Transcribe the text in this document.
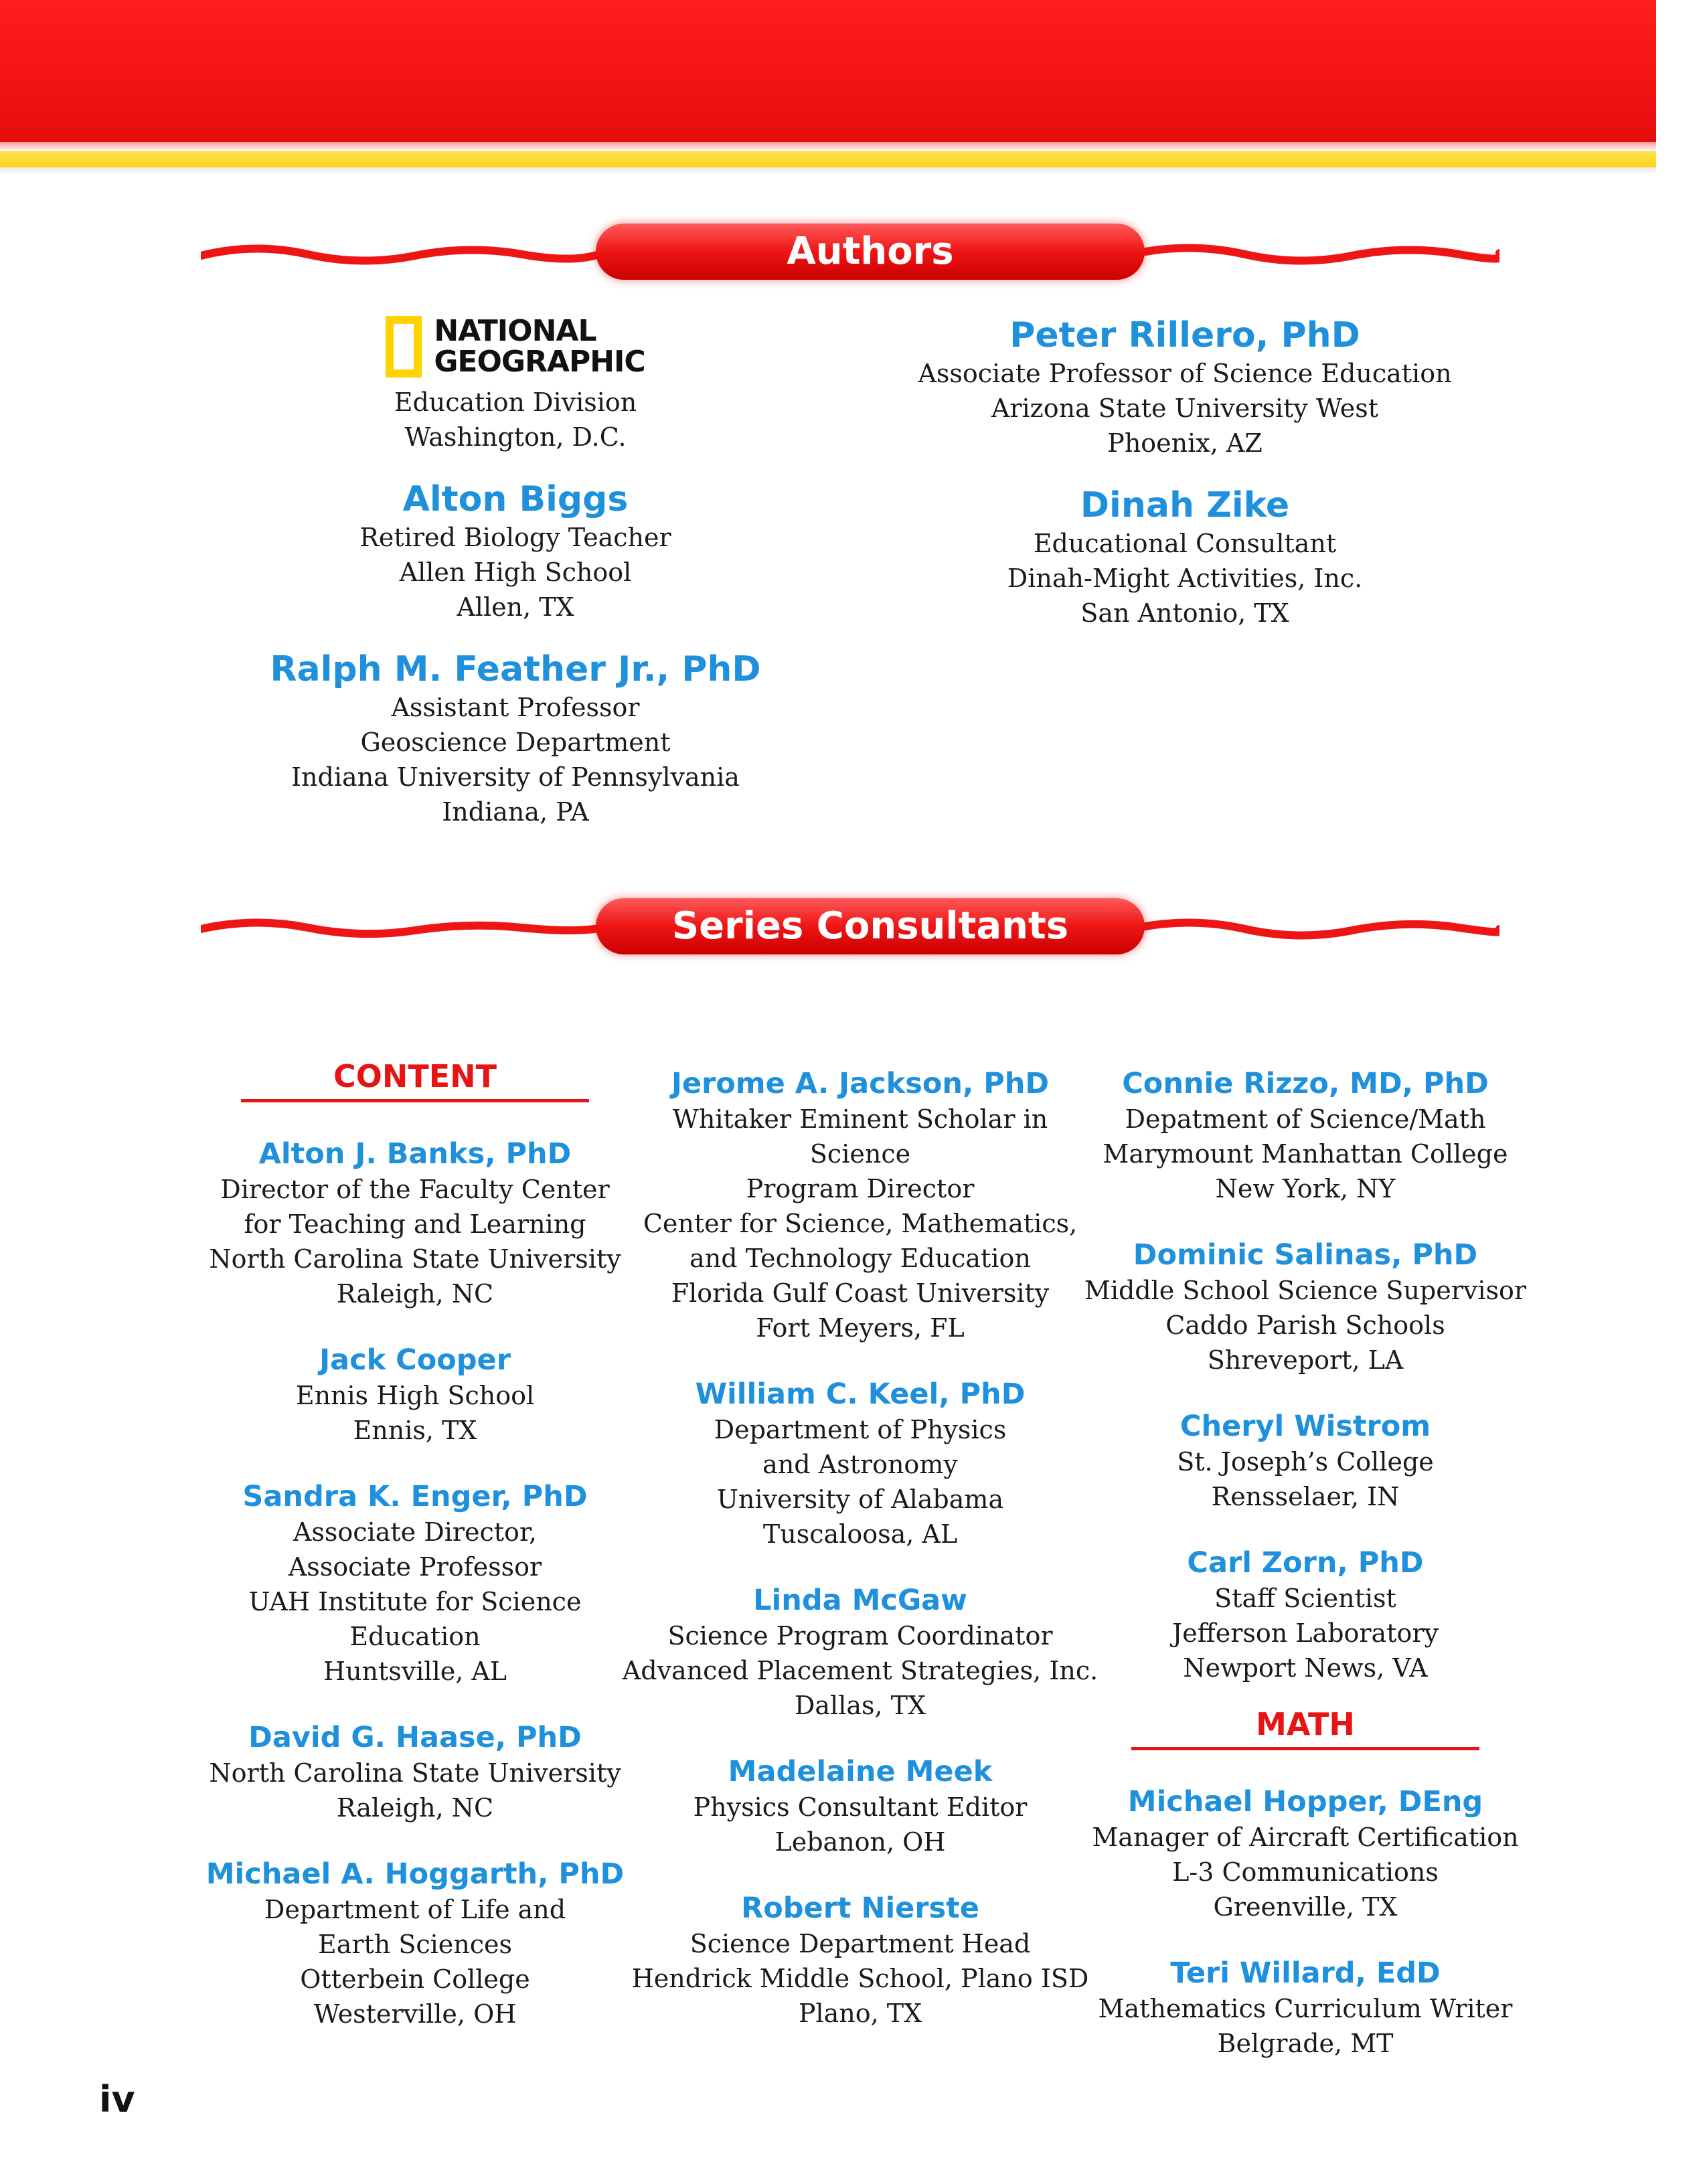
Authors
NATIONAL
GEOGRAPHIC
Education Division
Washington, D.C.
Alton Biggs
Retired Biology Teacher
Allen High School
Allen, TX
Ralph M. Feather Jr., PhD
Assistant Professor
Geoscience Department
Indiana University of Pennsylvania
Indiana, PA
Peter Rillero, PhD
Associate Professor of Science Education
Arizona State University West
Phoenix, AZ
Dinah Zike
Educational Consultant
Dinah-Might Activities, Inc.
San Antonio, TX
Series Consultants
CONTENT
Alton J. Banks, PhD
Director of the Faculty Center
for Teaching and Learning
North Carolina State University
Raleigh, NC
Jack Cooper
Ennis High School
Ennis, TX
Sandra K. Enger, PhD
Associate Director,
Associate Professor
UAH Institute for Science Education
Huntsville, AL
David G. Haase, PhD
North Carolina State University
Raleigh, NC
Michael A. Hoggarth, PhD
Department of Life and
Earth Sciences
Otterbein College
Westerville, OH
Jerome A. Jackson, PhD
Whitaker Eminent Scholar in Science
Program Director
Center for Science, Mathematics,
and Technology Education
Florida Gulf Coast University
Fort Meyers, FL
William C. Keel, PhD
Department of Physics
and Astronomy
University of Alabama
Tuscaloosa, AL
Linda McGaw
Science Program Coordinator
Advanced Placement Strategies, Inc.
Dallas, TX
Madelaine Meek
Physics Consultant Editor
Lebanon, OH
Robert Nierste
Science Department Head
Hendrick Middle School, Plano ISD
Plano, TX
Connie Rizzo, MD, PhD
Depatment of Science/Math
Marymount Manhattan College
New York, NY
Dominic Salinas, PhD
Middle School Science Supervisor
Caddo Parish Schools
Shreveport, LA
Cheryl Wistrom
St. Joseph’s College
Rensselaer, IN
Carl Zorn, PhD
Staff Scientist
Jefferson Laboratory
Newport News, VA
MATH
Michael Hopper, DEng
Manager of Aircraft Certification
L-3 Communications
Greenville, TX
Teri Willard, EdD
Mathematics Curriculum Writer
Belgrade, MT
iv
